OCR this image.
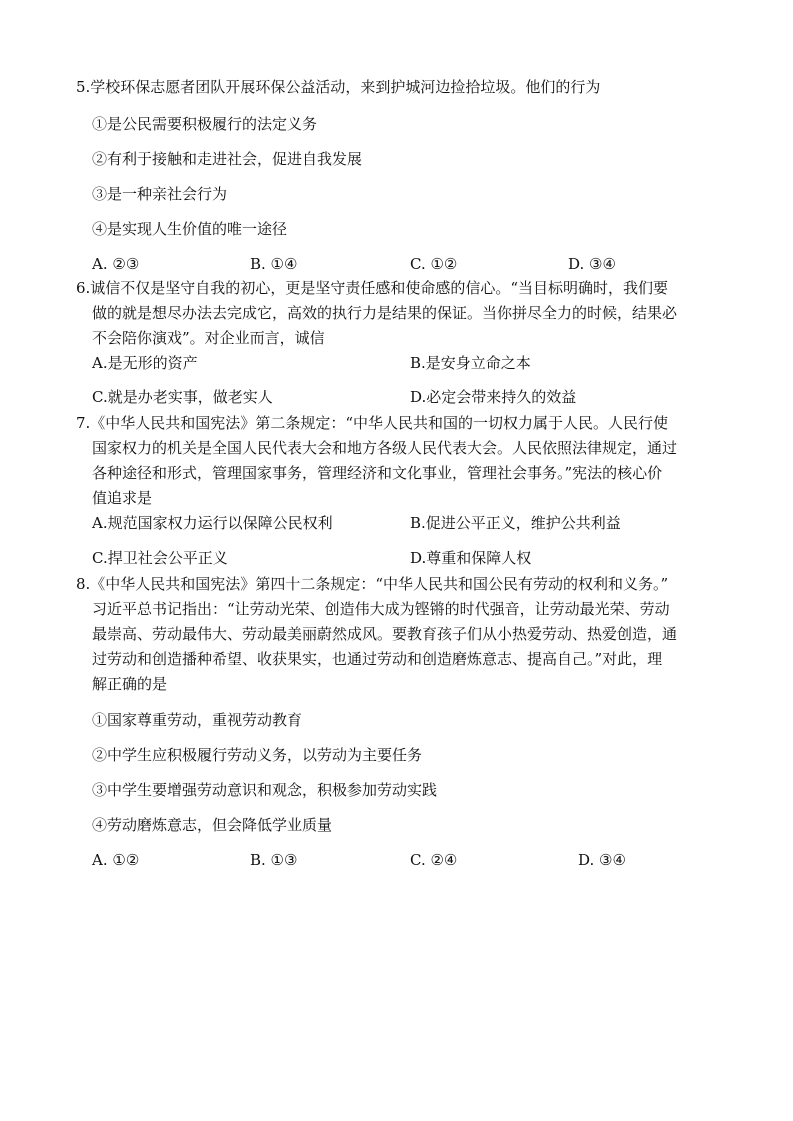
5.学校环保志愿者团队开展环保公益活动，来到护城河边捡拾垃圾。他们的行为
①是公民需要积极履行的法定义务
②有利于接触和走进社会，促进自我发展
③是一种亲社会行为
④是实现人生价值的唯一途径
A. ②③	B. ①④	C. ①②	D. ③④
6.诚信不仅是坚守自我的初心，更是坚守责任感和使命感的信心。“当目标明确时，我们要
做的就是想尽办法去完成它，高效的执行力是结果的保证。当你拼尽全力的时候，结果必
不会陪你演戏”。对企业而言，诚信
A.是无形的资产	B.是安身立命之本
C.就是办老实事，做老实人	D.必定会带来持久的效益
7.《中华人民共和国宪法》第二条规定：“中华人民共和国的一切权力属于人民。人民行使
国家权力的机关是全国人民代表大会和地方各级人民代表大会。人民依照法律规定，通过
各种途径和形式，管理国家事务，管理经济和文化事业，管理社会事务。”宪法的核心价
值追求是
A.规范国家权力运行以保障公民权利	B.促进公平正义，维护公共利益
C.捍卫社会公平正义	D.尊重和保障人权
8.《中华人民共和国宪法》第四十二条规定：“中华人民共和国公民有劳动的权利和义务。”
习近平总书记指出：“让劳动光荣、创造伟大成为铿锵的时代强音，让劳动最光荣、劳动
最崇高、劳动最伟大、劳动最美丽蔚然成风。要教育孩子们从小热爱劳动、热爱创造，通
过劳动和创造播种希望、收获果实，也通过劳动和创造磨炼意志、提高自己。”对此，理
解正确的是
①国家尊重劳动，重视劳动教育
②中学生应积极履行劳动义务，以劳动为主要任务
③中学生要增强劳动意识和观念，积极参加劳动实践
④劳动磨炼意志，但会降低学业质量
A. ①②	B. ①③	C. ②④	D. ③④
